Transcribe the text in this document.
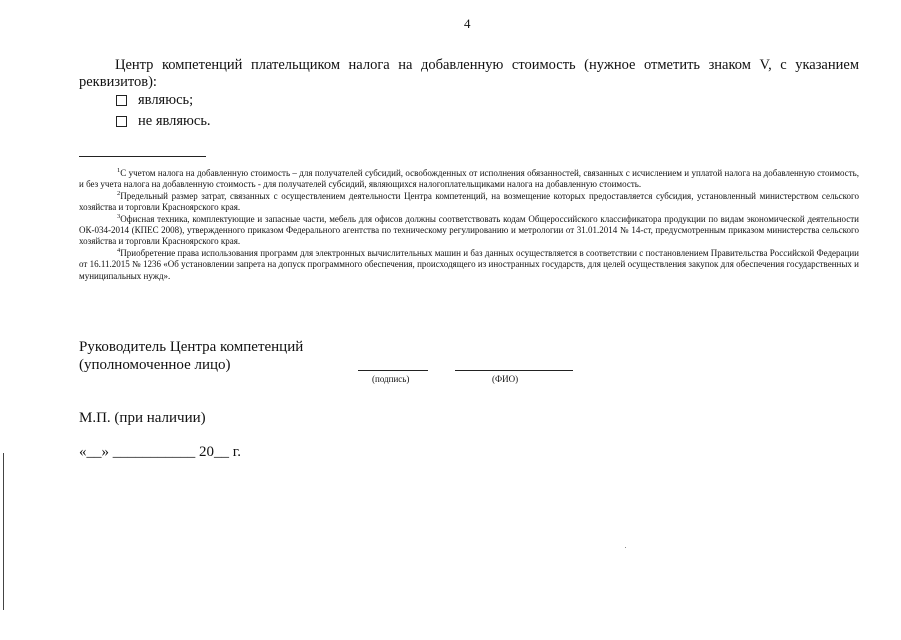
4
Центр компетенций плательщиком налога на добавленную стоимость (нужное отметить знаком V, с указанием реквизитов):
являюсь;
не являюсь.

$^1$С учетом налога на добавленную стоимость – для получателей субсидий, освобожденных от исполнения обязанностей, связанных с исчислением и уплатой налога на добавленную стоимость, и без учета налога на добавленную стоимость - для получателей субсидий, являющихся налогоплательщиками налога на добавленную стоимость.

$^2$Предельный размер затрат, связанных с осуществлением деятельности Центра компетенций, на возмещение которых предоставляется субсидия, установленный министерством сельского хозяйства и торговли Красноярского края.

$^3$Офисная техника, комплектующие и запасные части, мебель для офисов должны соответствовать кодам Общероссийского классификатора продукции по видам экономической деятельности ОК-034-2014 (КПЕС 2008), утвержденного приказом Федерального агентства по техническому регулированию и метрологии от 31.01.2014 № 14-ст, предусмотренным приказом министерства сельского хозяйства и торговли Красноярского края.

$^4$Приобретение права использования программ для электронных вычислительных машин и баз данных осуществляется в соответствии с постановлением Правительства Российской Федерации от 16.11.2015 № 1236 «Об установлении запрета на допуск программного обеспечения, происходящего из иностранных государств, для целей осуществления закупок для обеспечения государственных и муниципальных нужд».

Руководитель Центра компетенций
(уполномоченное лицо)
(подпись)	(ФИО)
М.П. (при наличии)
«__» ___________ 20__ г.
